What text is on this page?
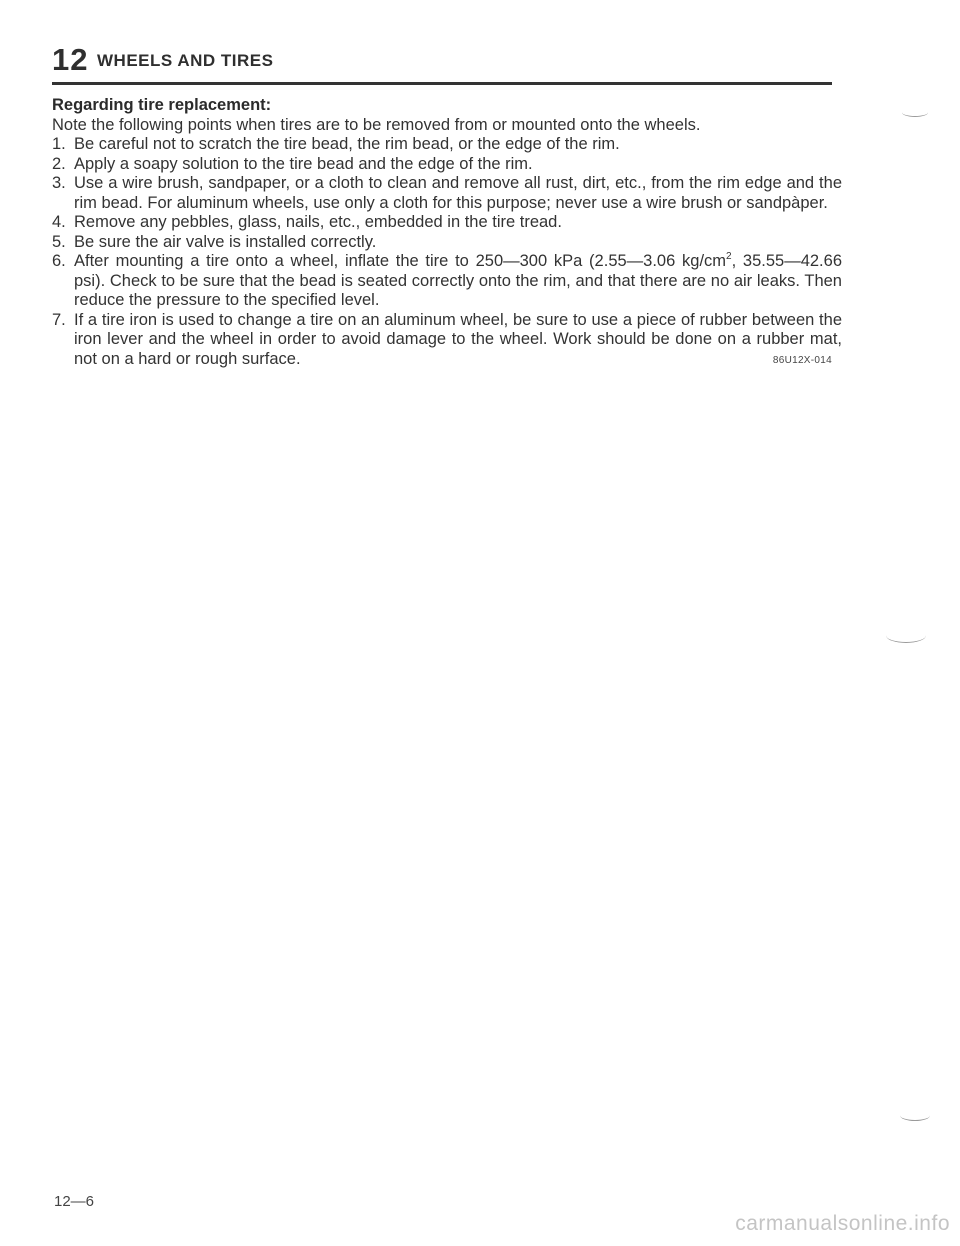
12 WHEELS AND TIRES
Regarding tire replacement:

Note the following points when tires are to be removed from or mounted onto the wheels.

1. Be careful not to scratch the tire bead, the rim bead, or the edge of the rim.
2. Apply a soapy solution to the tire bead and the edge of the rim.
3. Use a wire brush, sandpaper, or a cloth to clean and remove all rust, dirt, etc., from the rim edge and the rim bead. For aluminum wheels, use only a cloth for this purpose; never use a wire brush or sandpàper.
4. Remove any pebbles, glass, nails, etc., embedded in the tire tread.
5. Be sure the air valve is installed correctly.
6. After mounting a tire onto a wheel, inflate the tire to 250—300 kPa (2.55—3.06 $kg/cm^2$, 35.55—42.66 psi). Check to be sure that the bead is seated correctly onto the rim, and that there are no air leaks. Then reduce the pressure to the specified level.
7. If a tire iron is used to change a tire on an aluminum wheel, be sure to use a piece of rubber between the iron lever and the wheel in order to avoid damage to the wheel. Work should be done on a rubber mat, not on a hard or rough surface.	86U12X-014
12—6
carmanualsonline.info
